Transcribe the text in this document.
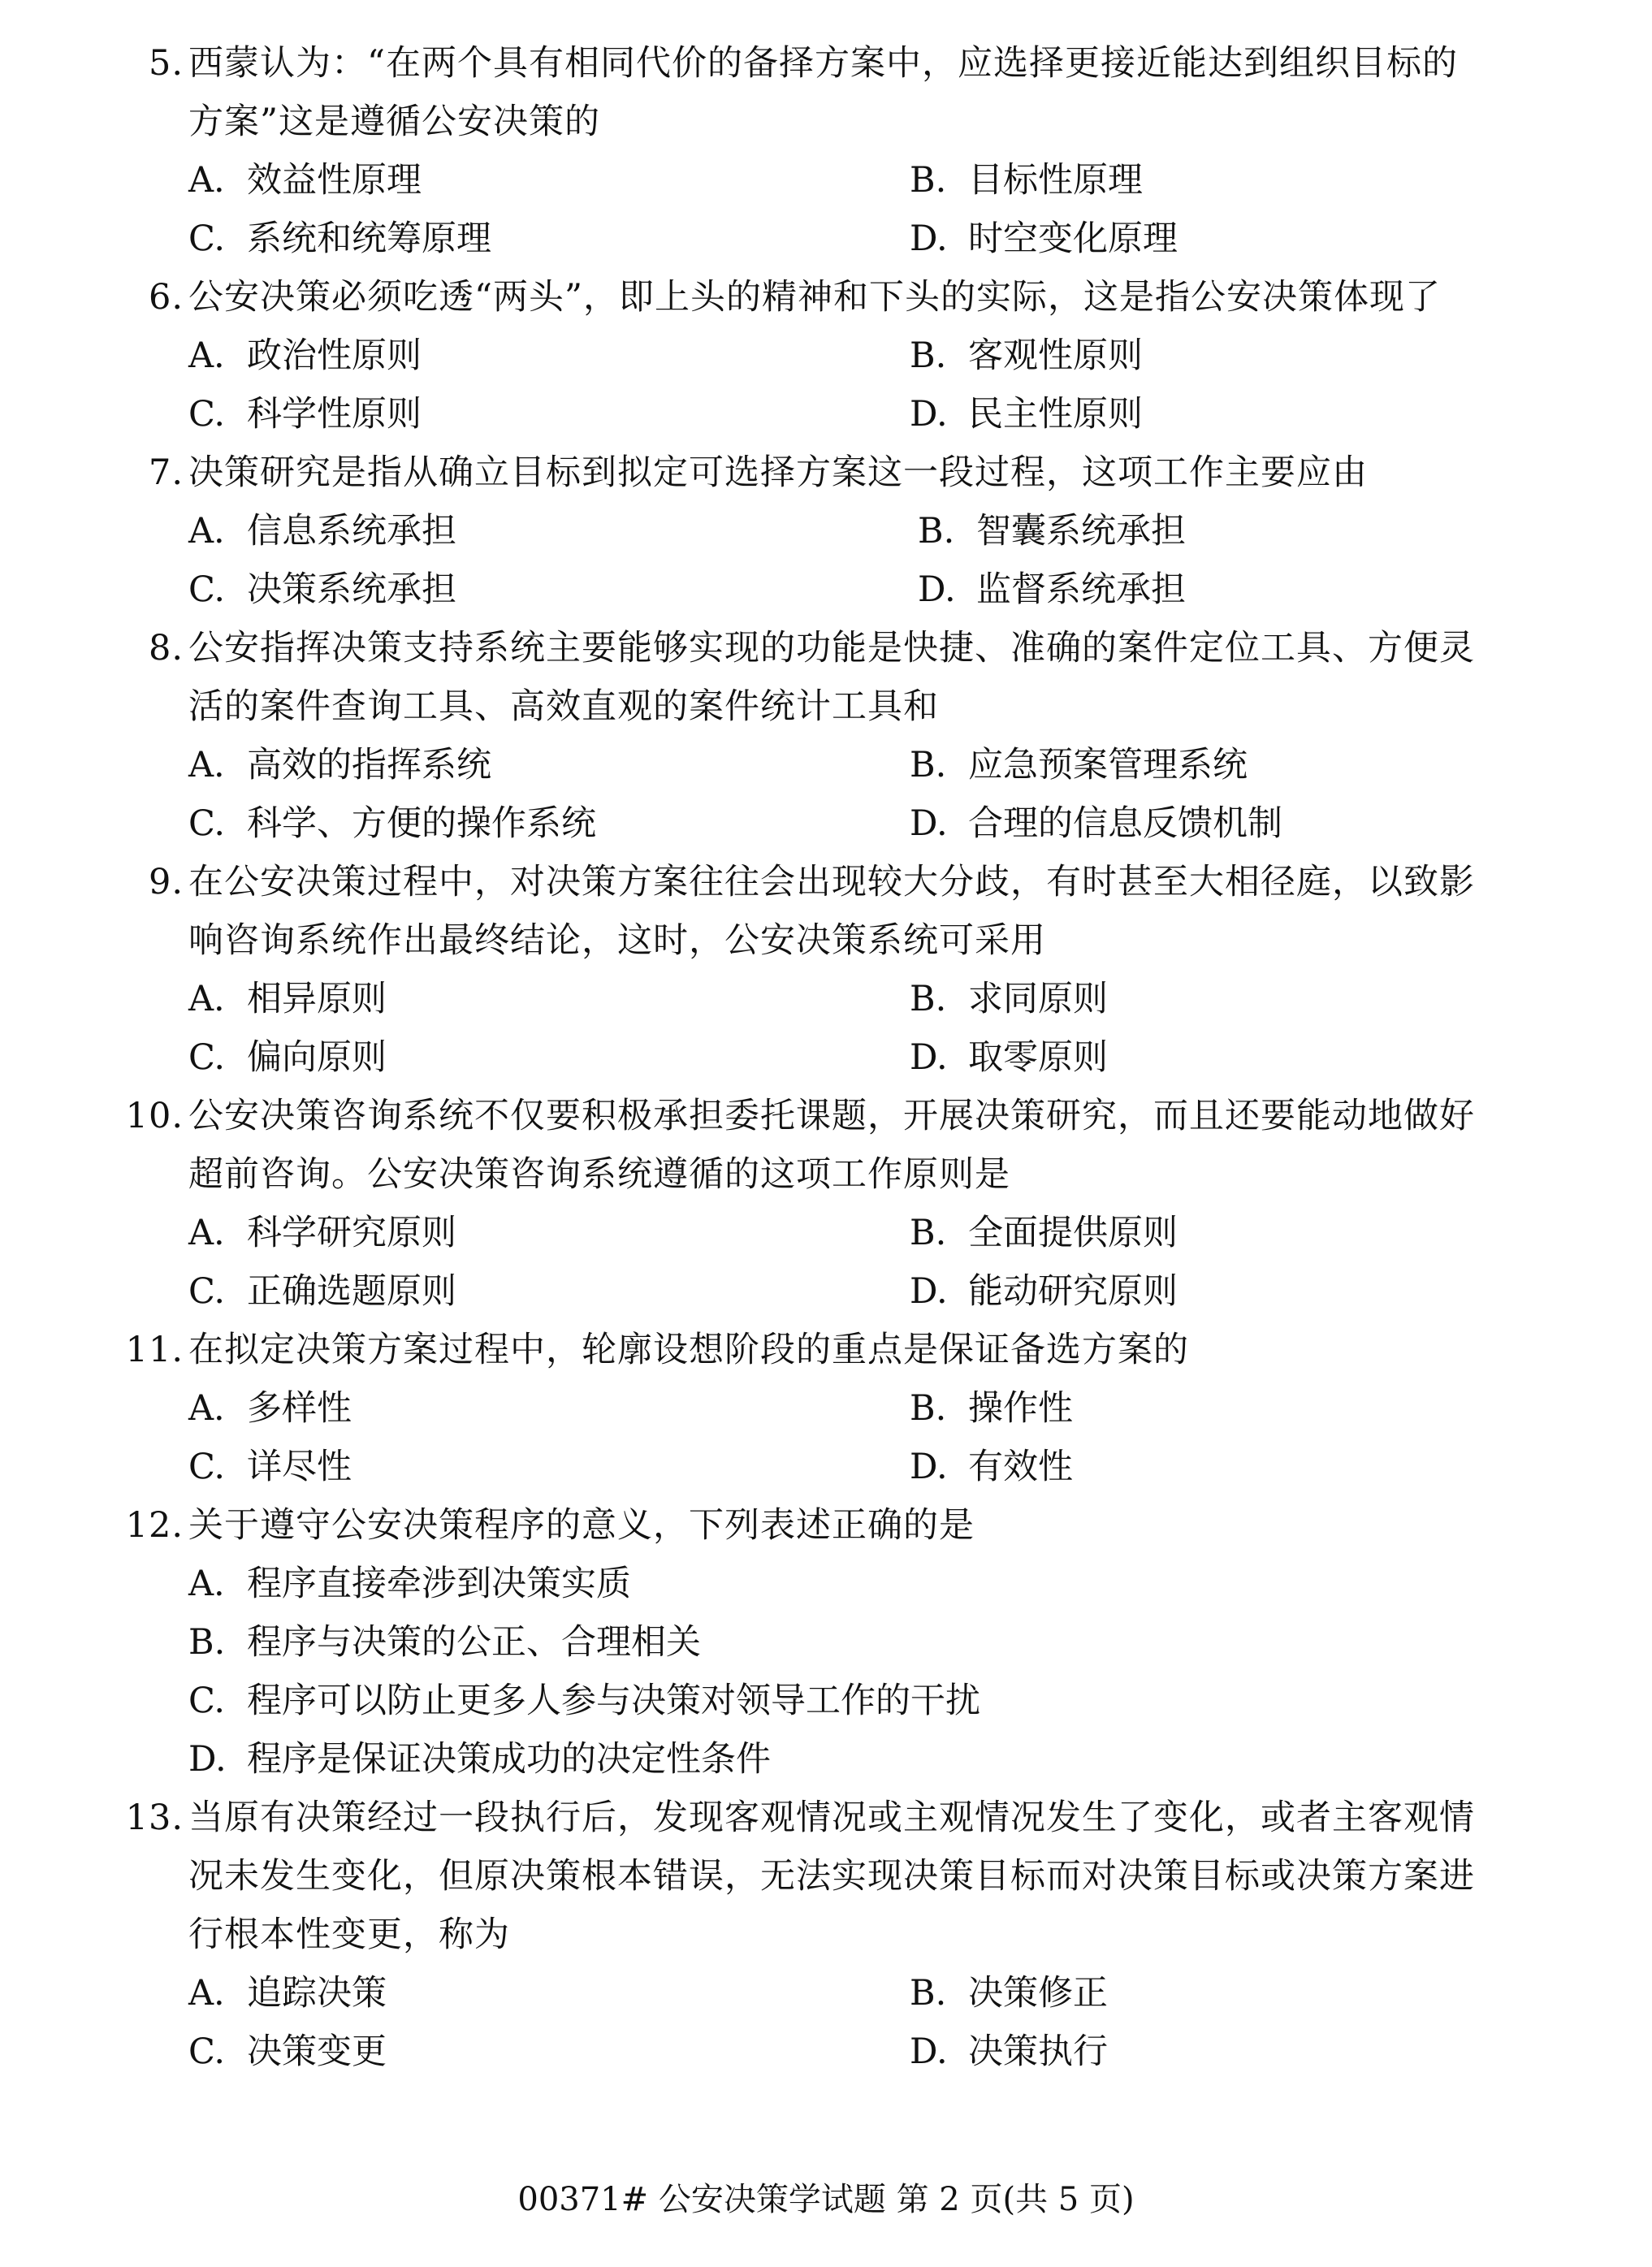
5. 西蒙认为：“在两个具有相同代价的备择方案中，应选择更接近能达到组织目标的方案”这是遵循公安决策的
A. 效益性原理	B. 目标性原理
C. 系统和统筹原理	D. 时空变化原理
6. 公安决策必须吃透“两头”，即上头的精神和下头的实际，这是指公安决策体现了
A. 政治性原则	B. 客观性原则
C. 科学性原则	D. 民主性原则
7. 决策研究是指从确立目标到拟定可选择方案这一段过程，这项工作主要应由
A. 信息系统承担	B. 智囊系统承担
C. 决策系统承担	D. 监督系统承担
8. 公安指挥决策支持系统主要能够实现的功能是快捷、准确的案件定位工具、方便灵活的案件查询工具、高效直观的案件统计工具和
A. 高效的指挥系统	B. 应急预案管理系统
C. 科学、方便的操作系统	D. 合理的信息反馈机制
9. 在公安决策过程中，对决策方案往往会出现较大分歧，有时甚至大相径庭，以致影响咨询系统作出最终结论，这时，公安决策系统可采用
A. 相异原则	B. 求同原则
C. 偏向原则	D. 取零原则
10. 公安决策咨询系统不仅要积极承担委托课题，开展决策研究，而且还要能动地做好超前咨询。公安决策咨询系统遵循的这项工作原则是
A. 科学研究原则	B. 全面提供原则
C. 正确选题原则	D. 能动研究原则
11. 在拟定决策方案过程中，轮廓设想阶段的重点是保证备选方案的
A. 多样性	B. 操作性
C. 详尽性	D. 有效性
12. 关于遵守公安决策程序的意义，下列表述正确的是
A. 程序直接牵涉到决策实质
B. 程序与决策的公正、合理相关
C. 程序可以防止更多人参与决策对领导工作的干扰
D. 程序是保证决策成功的决定性条件
13. 当原有决策经过一段执行后，发现客观情况或主观情况发生了变化，或者主客观情况未发生变化，但原决策根本错误，无法实现决策目标而对决策目标或决策方案进行根本性变更，称为
A. 追踪决策	B. 决策修正
C. 决策变更	D. 决策执行
00371# 公安决策学试题 第 2 页(共 5 页)
